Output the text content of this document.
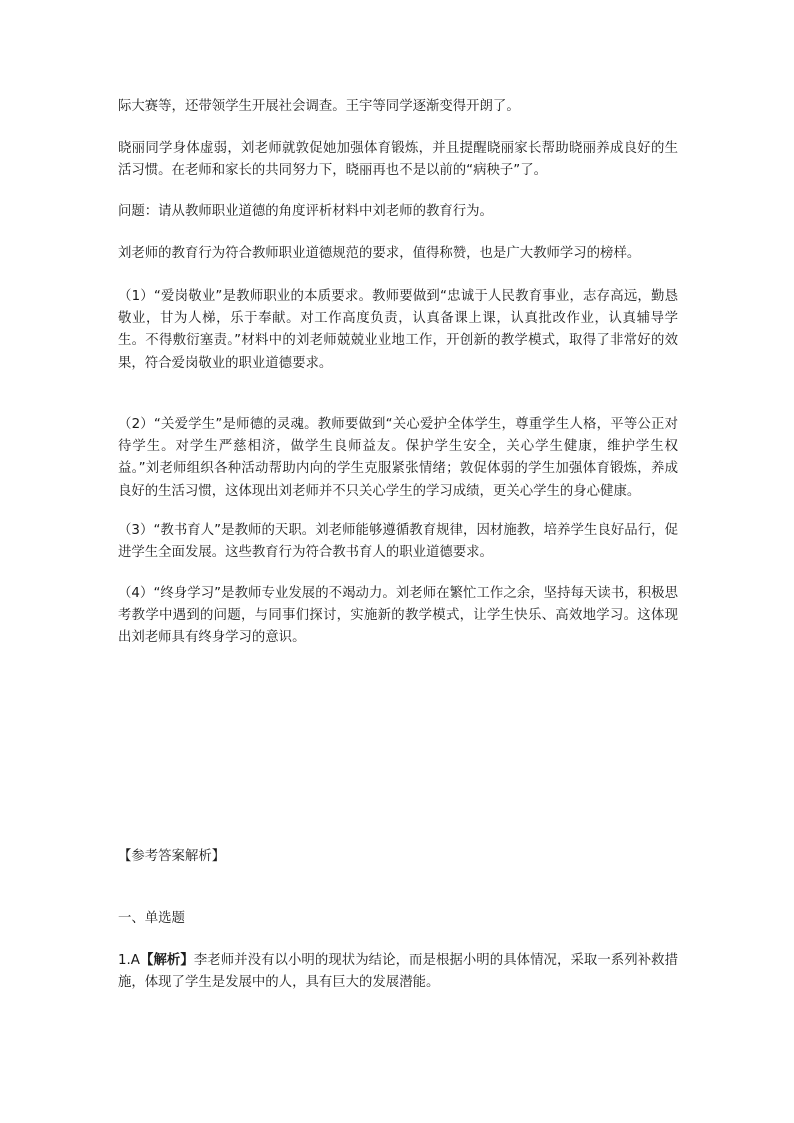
际大赛等，还带领学生开展社会调查。王宇等同学逐渐变得开朗了。

晓丽同学身体虚弱，刘老师就敦促她加强体育锻炼，并且提醒晓丽家长帮助晓丽养成良好的生活习惯。在老师和家长的共同努力下，晓丽再也不是以前的“病秧子”了。

问题：请从教师职业道德的角度评析材料中刘老师的教育行为。

刘老师的教育行为符合教师职业道德规范的要求，值得称赞，也是广大教师学习的榜样。

（1）“爱岗敬业”是教师职业的本质要求。教师要做到“忠诚于人民教育事业，志存高远，勤恳敬业，甘为人梯，乐于奉献。对工作高度负责，认真备课上课，认真批改作业，认真辅导学生。不得敷衍塞责。”材料中的刘老师兢兢业业地工作，开创新的教学模式，取得了非常好的效果，符合爱岗敬业的职业道德要求。

（2）“关爱学生”是师德的灵魂。教师要做到“关心爱护全体学生，尊重学生人格，平等公正对待学生。对学生严慈相济，做学生良师益友。保护学生安全，关心学生健康，维护学生权益。”刘老师组织各种活动帮助内向的学生克服紧张情绪；敦促体弱的学生加强体育锻炼，养成良好的生活习惯，这体现出刘老师并不只关心学生的学习成绩，更关心学生的身心健康。

（3）“教书育人”是教师的天职。刘老师能够遵循教育规律，因材施教，培养学生良好品行，促进学生全面发展。这些教育行为符合教书育人的职业道德要求。

（4）“终身学习”是教师专业发展的不竭动力。刘老师在繁忙工作之余，坚持每天读书，积极思考教学中遇到的问题，与同事们探讨，实施新的教学模式，让学生快乐、高效地学习。这体现出刘老师具有终身学习的意识。

【参考答案解析】

一、单选题

1.A【解析】李老师并没有以小明的现状为结论，而是根据小明的具体情况，采取一系列补救措施，体现了学生是发展中的人，具有巨大的发展潜能。
